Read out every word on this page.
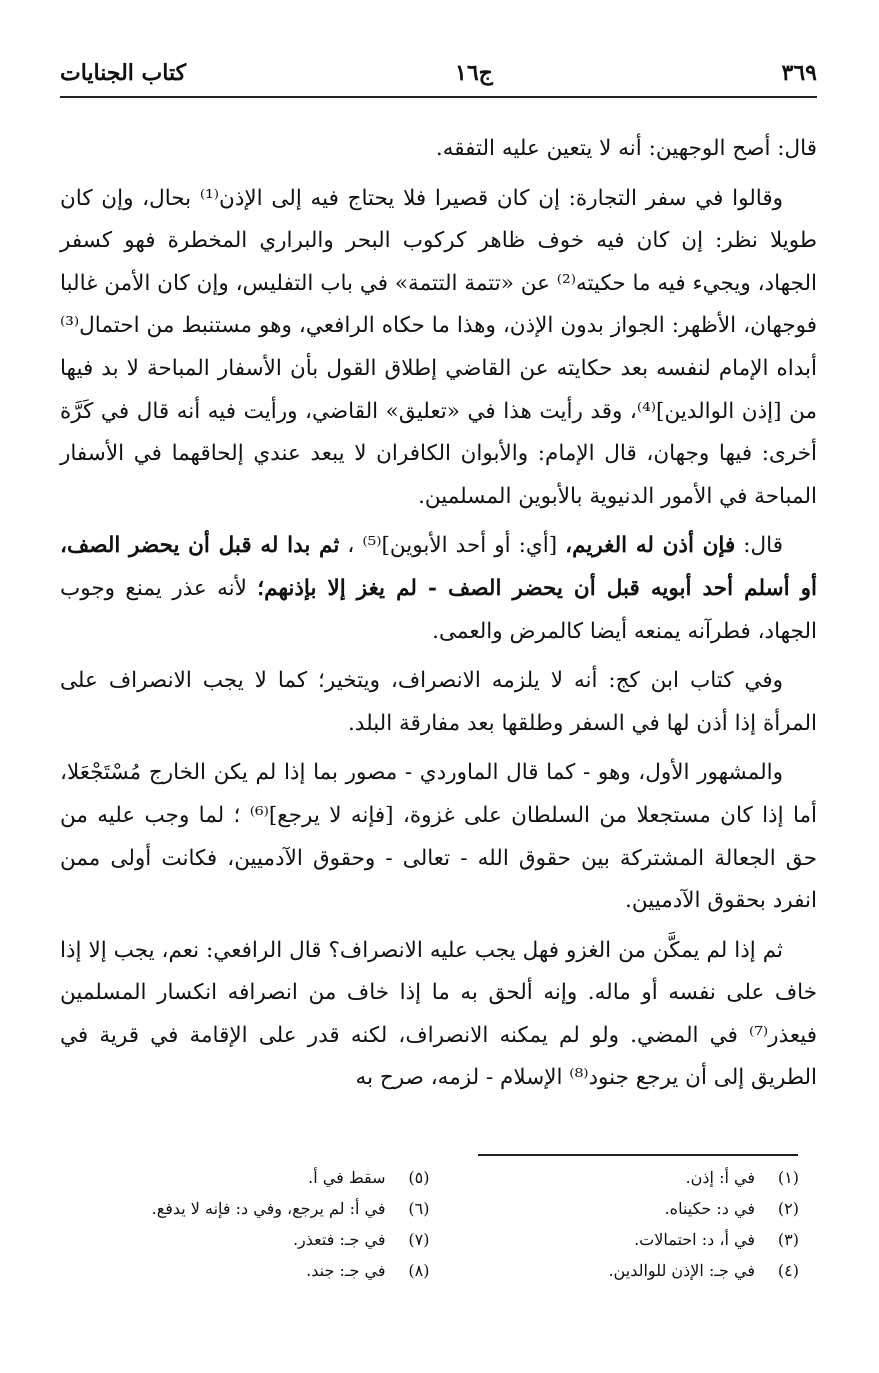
٣٦٩
ج١٦
كتاب الجنايات

قال: أصح الوجهين: أنه لا يتعين عليه التفقه.

وقالوا في سفر التجارة: إن كان قصيرا فلا يحتاج فيه إلى الإذن⁽¹⁾ بحال، وإن كان طويلا نظر: إن كان فيه خوف ظاهر كركوب البحر والبراري المخطرة فهو كسفر الجهاد، ويجيء فيه ما حكيته⁽²⁾ عن «تتمة التتمة» في باب التفليس، وإن كان الأمن غالبا فوجهان، الأظهر: الجواز بدون الإذن، وهذا ما حكاه الرافعي، وهو مستنبط من احتمال⁽³⁾ أبداه الإمام لنفسه بعد حكايته عن القاضي إطلاق القول بأن الأسفار المباحة لا بد فيها من [إذن الوالدين]⁽⁴⁾، وقد رأيت هذا في «تعليق» القاضي، ورأيت فيه أنه قال في كَرَّة أخرى: فيها وجهان، قال الإمام: والأبوان الكافران لا يبعد عندي إلحاقهما في الأسفار المباحة في الأمور الدنيوية بالأبوين المسلمين.

قال: فإن أذن له الغريم، [أي: أو أحد الأبوين]⁽⁵⁾ ، ثم بدا له قبل أن يحضر الصف، أو أسلم أحد أبويه قبل أن يحضر الصف - لم يغز إلا بإذنهم؛ لأنه عذر يمنع وجوب الجهاد، فطرآنه يمنعه أيضا كالمرض والعمى.

وفي كتاب ابن كج: أنه لا يلزمه الانصراف، ويتخير؛ كما لا يجب الانصراف على المرأة إذا أذن لها في السفر وطلقها بعد مفارقة البلد.

والمشهور الأول، وهو - كما قال الماوردي - مصور بما إذا لم يكن الخارج مُسْتَجْعَلا، أما إذا كان مستجعلا من السلطان على غزوة، [فإنه لا يرجع]⁽⁶⁾ ؛ لما وجب عليه من حق الجعالة المشتركة بين حقوق الله - تعالى - وحقوق الآدميين، فكانت أولى ممن انفرد بحقوق الآدميين.

ثم إذا لم يمكَّن من الغزو فهل يجب عليه الانصراف؟ قال الرافعي: نعم، يجب إلا إذا خاف على نفسه أو ماله. وإنه ألحق به ما إذا خاف من انصرافه انكسار المسلمين فيعذر⁽⁷⁾ في المضي. ولو لم يمكنه الانصراف، لكنه قدر على الإقامة في قرية في الطريق إلى أن يرجع جنود⁽⁸⁾ الإسلام - لزمه، صرح به

(١)في أ: إذن.
(٥)سقط في أ.
(٢)في د: حكيناه.
(٦)في أ: لم يرجع، وفي د: فإنه لا يدفع.
(٣)في أ، د: احتمالات.
(٧)في جـ: فتعذر.
(٤)في جـ: الإذن للوالدين.
(٨)في جـ: جند.
